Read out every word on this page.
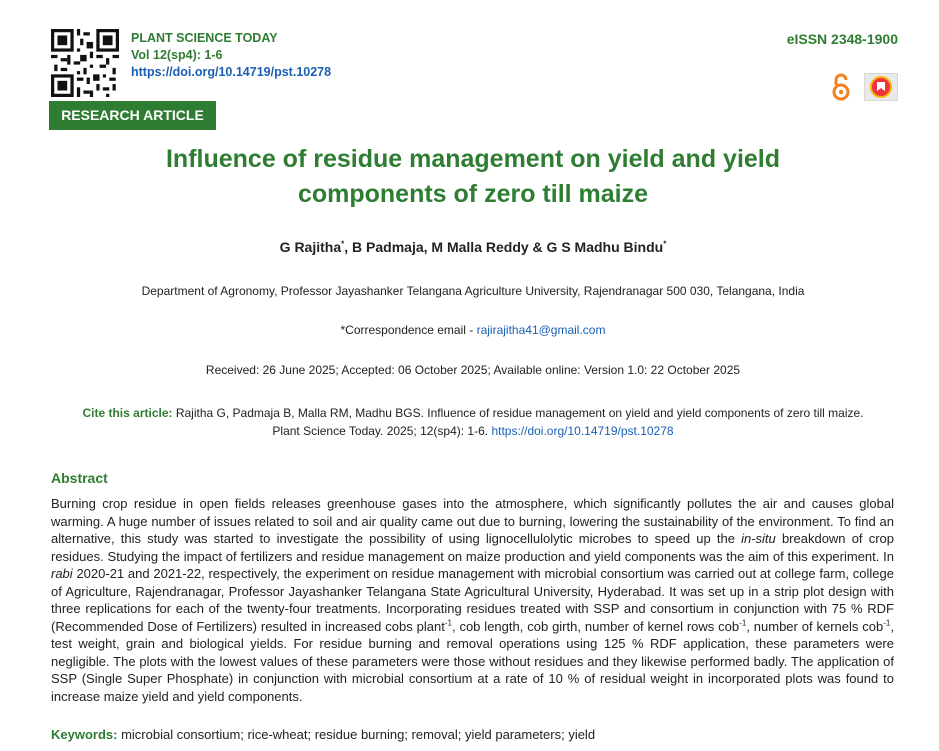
PLANT SCIENCE TODAY
Vol 12(sp4): 1-6
https://doi.org/10.14719/pst.10278
eISSN 2348-1900
RESEARCH ARTICLE
Influence of residue management on yield and yield
components of zero till maize
G Rajitha*, B Padmaja, M Malla Reddy & G S Madhu Bindu*
Department of Agronomy, Professor Jayashanker Telangana Agriculture University, Rajendranagar 500 030, Telangana, India
*Correspondence email - rajirajitha41@gmail.com
Received: 26 June 2025; Accepted: 06 October 2025; Available online: Version 1.0: 22 October 2025
Cite this article: Rajitha G, Padmaja B, Malla RM, Madhu BGS. Influence of residue management on yield and yield components of zero till maize.
Plant Science Today. 2025; 12(sp4): 1-6. https://doi.org/10.14719/pst.10278
Abstract
Burning crop residue in open fields releases greenhouse gases into the atmosphere, which significantly pollutes the air and causes global warming. A huge number of issues related to soil and air quality came out due to burning, lowering the sustainability of the environment. To find an alternative, this study was started to investigate the possibility of using lignocellulolytic microbes to speed up the in-situ breakdown of crop residues. Studying the impact of fertilizers and residue management on maize production and yield components was the aim of this experiment. In rabi 2020-21 and 2021-22, respectively, the experiment on residue management with microbial consortium was carried out at college farm, college of Agriculture, Rajendranagar, Professor Jayashanker Telangana State Agricultural University, Hyderabad. It was set up in a strip plot design with three replications for each of the twenty-four treatments. Incorporating residues treated with SSP and consortium in conjunction with 75 % RDF (Recommended Dose of Fertilizers) resulted in increased cobs plant$^{-1}$, cob length, cob girth, number of kernel rows cob$^{-1}$, number of kernels cob$^{-1}$, test weight, grain and biological yields. For residue burning and removal operations using 125 % RDF application, these parameters were negligible. The plots with the lowest values of these parameters were those without residues and they likewise performed badly. The application of SSP (Single Super Phosphate) in conjunction with microbial consortium at a rate of 10 % of residual weight in incorporated plots was found to increase maize yield and yield components.
Keywords: microbial consortium; rice-wheat; residue burning; removal; yield parameters; yield
